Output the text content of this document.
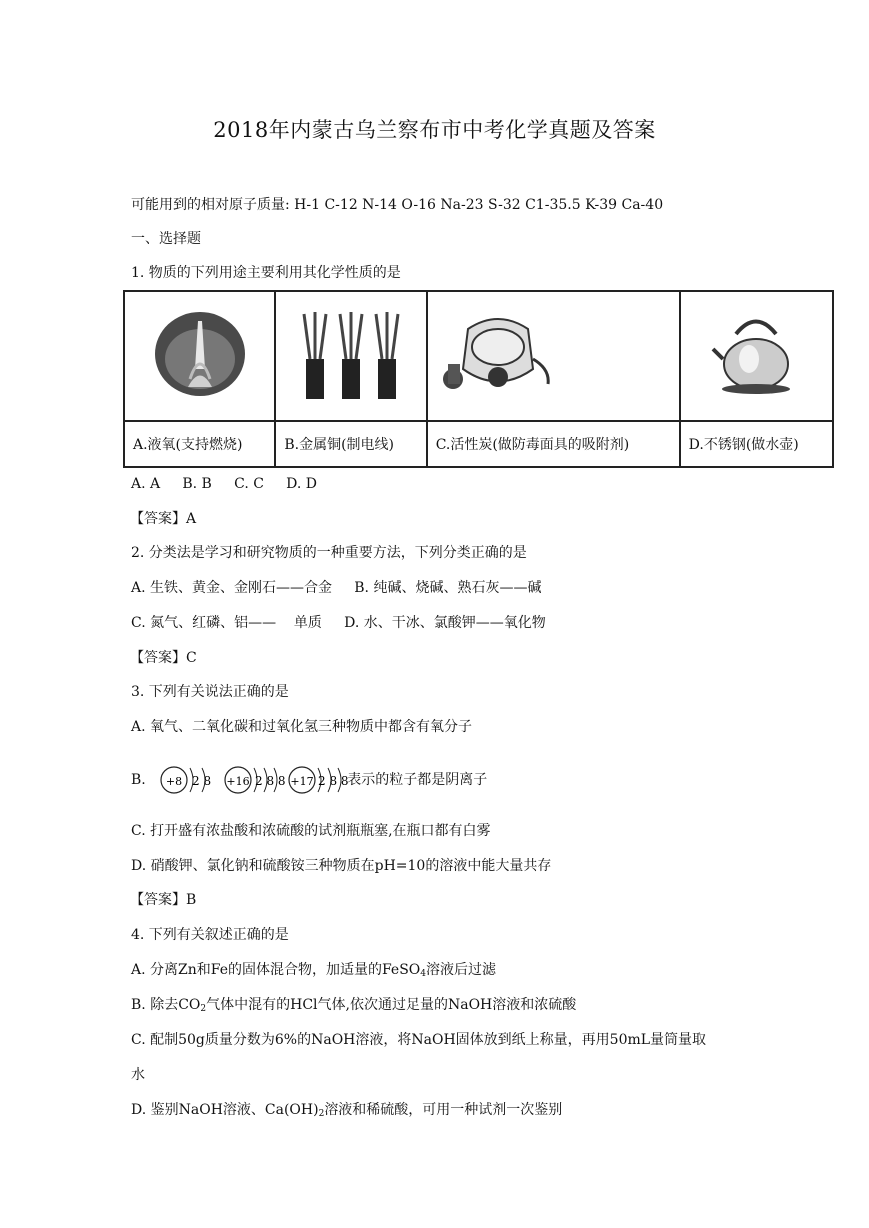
2018年内蒙古乌兰察布市中考化学真题及答案
可能用到的相对原子质量: H-1 C-12 N-14 O-16 Na-23 S-32 C1-35.5 K-39 Ca-40
一、选择题
1. 物质的下列用途主要利用其化学性质的是

A.液氧(支持燃烧)	B.金属铜(制电线)	C.活性炭(做防毒面具的吸附剂)	D.不锈钢(做水壶)
A. A     B. B     C. C     D. D
【答案】A
2. 分类法是学习和研究物质的一种重要方法，下列分类正确的是
A. 生铁、黄金、金刚石——合金     B. 纯碱、烧碱、熟石灰——碱
C. 氮气、红磷、铝——    单质     D. 水、干冰、氯酸钾——氧化物
【答案】C
3. 下列有关说法正确的是
A. 氧气、二氧化碳和过氧化氢三种物质中都含有氧分子
B. +8 2 8 +16 2 8 8 +17 2 8 8
表示的粒子都是阴离子
C. 打开盛有浓盐酸和浓硫酸的试剂瓶瓶塞,在瓶口都有白雾
D. 硝酸钾、氯化钠和硫酸铵三种物质在pH=10的溶液中能大量共存
【答案】B
4. 下列有关叙述正确的是
A. 分离Zn和Fe的固体混合物，加适量的FeSO$_4$溶液后过滤
B. 除去$CO_2$气体中混有的HCl气体,依次通过足量的NaOH溶液和浓硫酸
C. 配制50g质量分数为6%的NaOH溶液，将NaOH固体放到纸上称量，再用50mL量筒量取
水
D. 鉴别NaOH溶液、$Ca(OH)_2$溶液和稀硫酸，可用一种试剂一次鉴别
